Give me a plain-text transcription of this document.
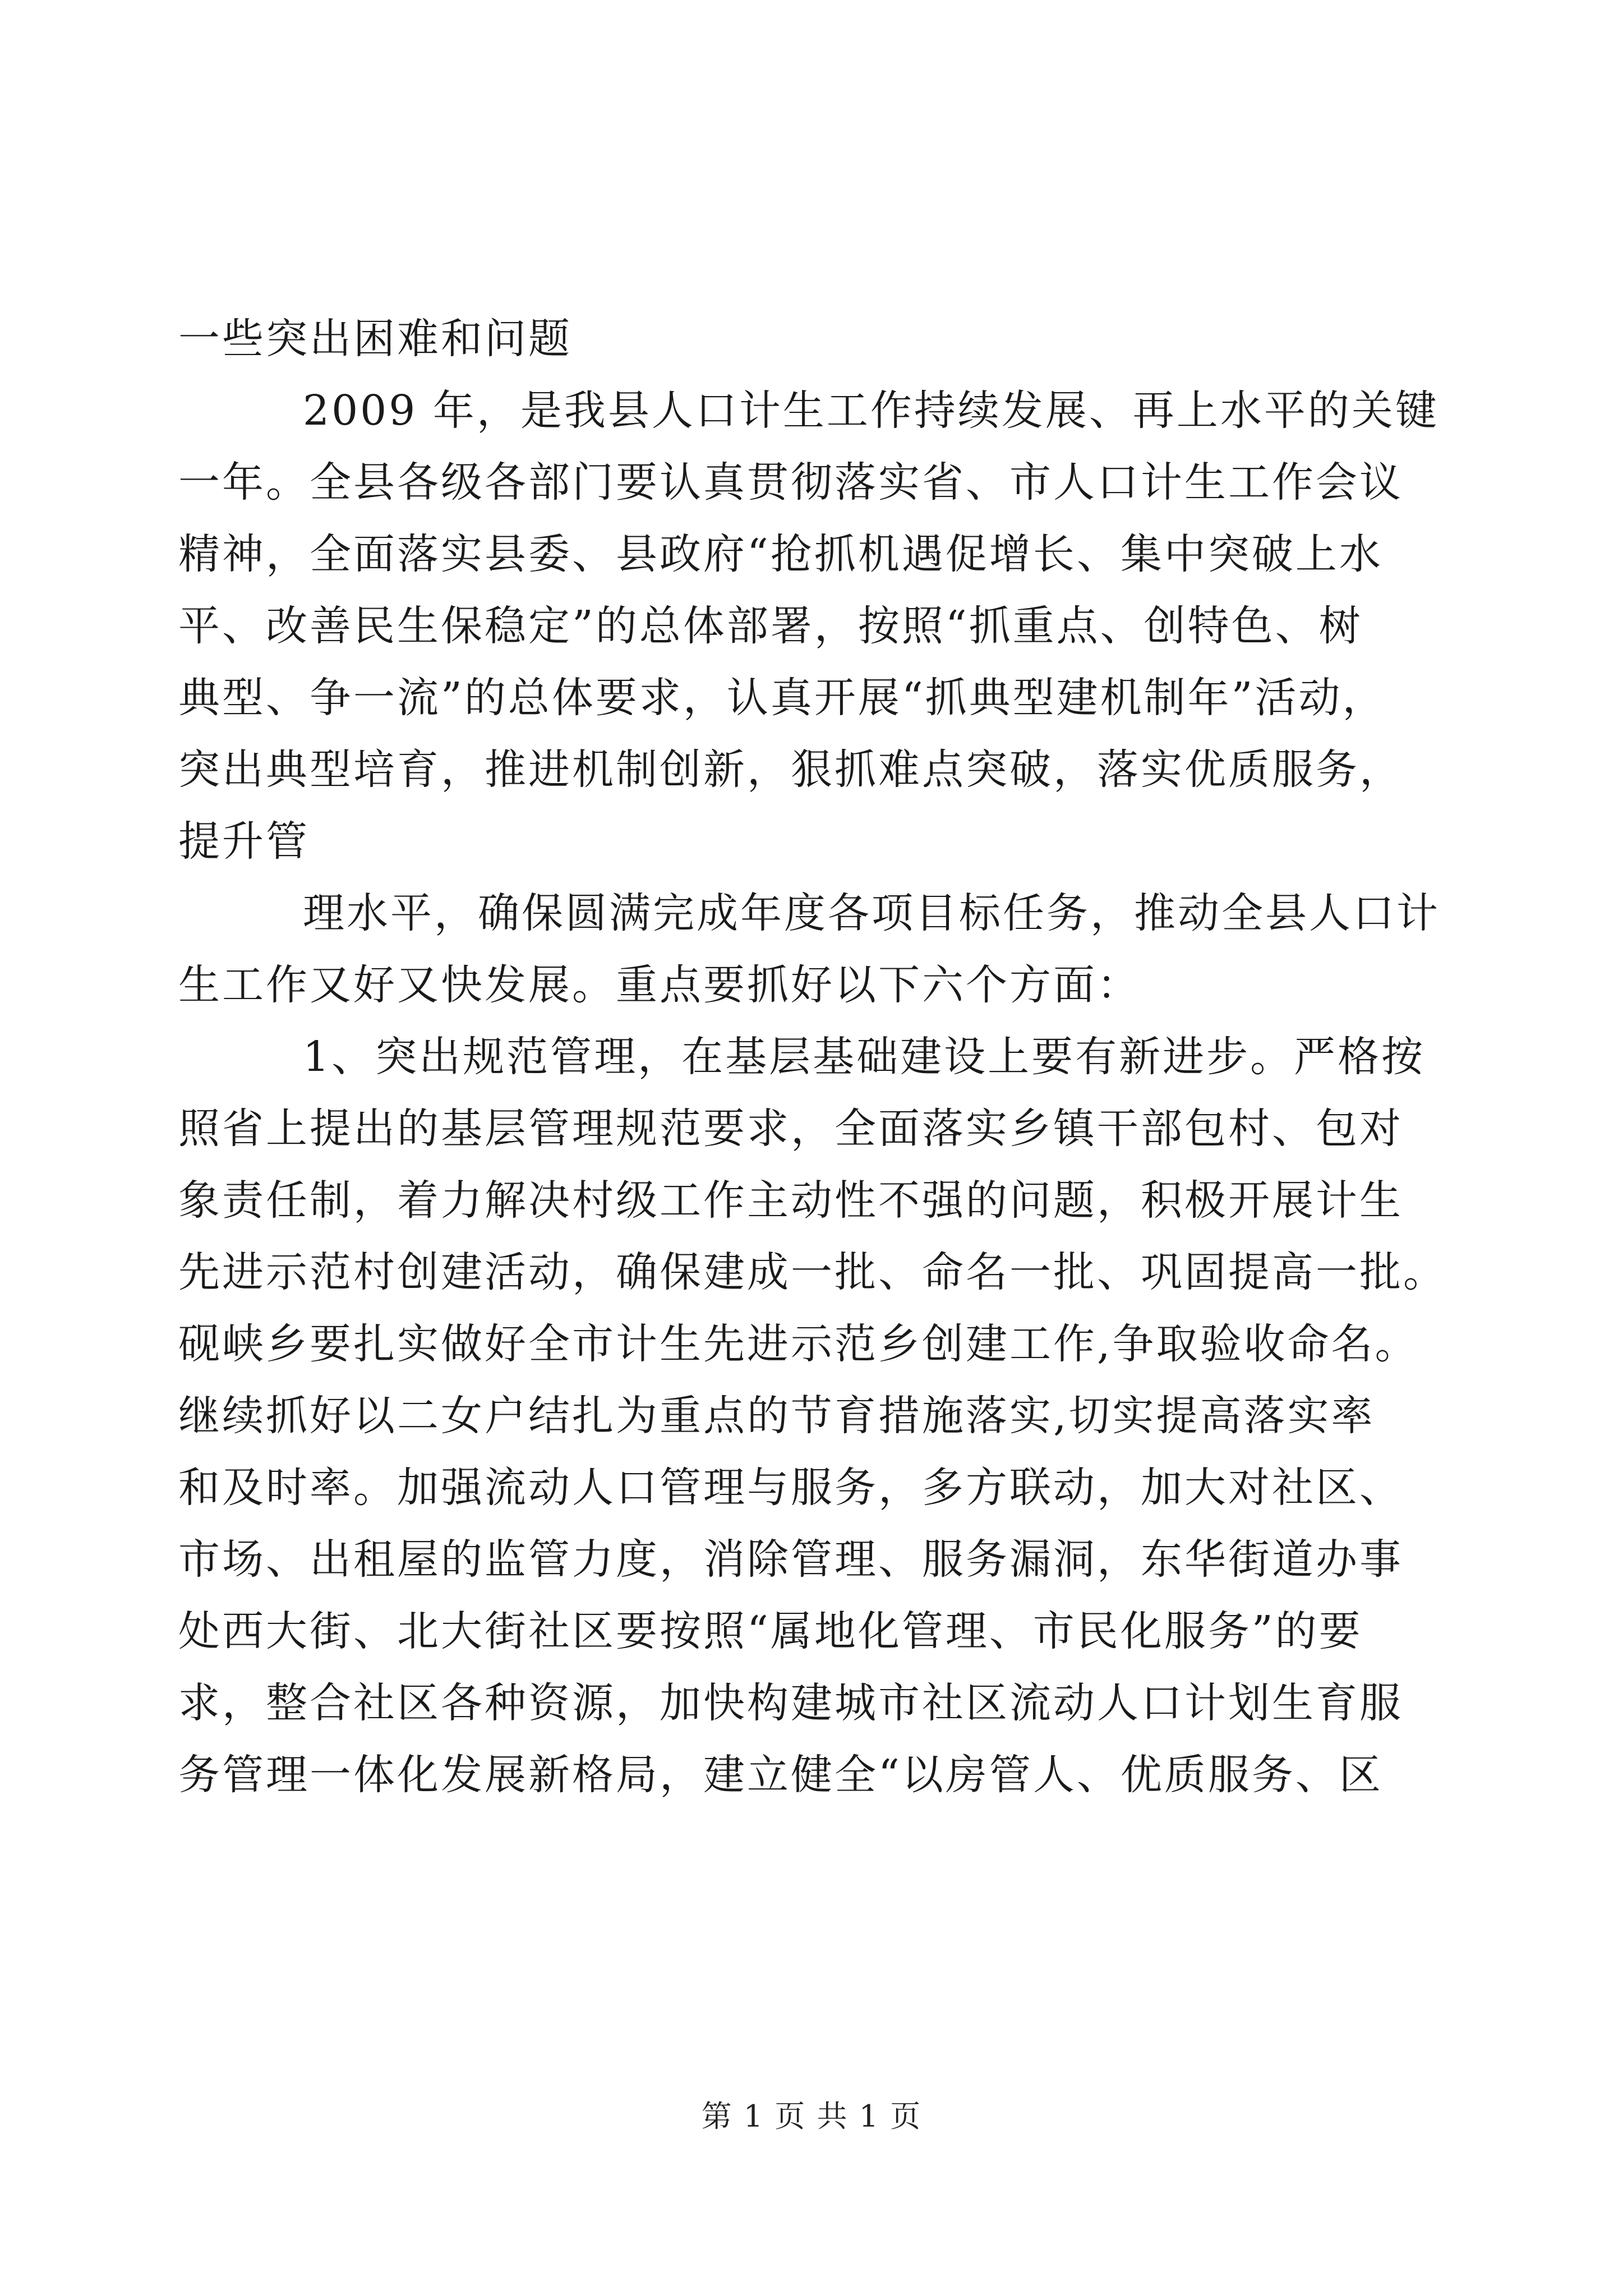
一些突出困难和问题
2009 年，是我县人口计生工作持续发展、再上水平的关键
一年。全县各级各部门要认真贯彻落实省、市人口计生工作会议
精神，全面落实县委、县政府“抢抓机遇促增长、集中突破上水
平、改善民生保稳定”的总体部署，按照“抓重点、创特色、树
典型、争一流”的总体要求，认真开展“抓典型建机制年”活动，
突出典型培育，推进机制创新，狠抓难点突破，落实优质服务，
提升管
理水平，确保圆满完成年度各项目标任务，推动全县人口计
生工作又好又快发展。重点要抓好以下六个方面：
1、突出规范管理，在基层基础建设上要有新进步。严格按
照省上提出的基层管理规范要求，全面落实乡镇干部包村、包对
象责任制，着力解决村级工作主动性不强的问题，积极开展计生
先进示范村创建活动，确保建成一批、命名一批、巩固提高一批。
砚峡乡要扎实做好全市计生先进示范乡创建工作,争取验收命名。
继续抓好以二女户结扎为重点的节育措施落实,切实提高落实率
和及时率。加强流动人口管理与服务，多方联动，加大对社区、
市场、出租屋的监管力度，消除管理、服务漏洞，东华街道办事
处西大街、北大街社区要按照“属地化管理、市民化服务”的要
求，整合社区各种资源，加快构建城市社区流动人口计划生育服
务管理一体化发展新格局，建立健全“以房管人、优质服务、区
第 1 页 共 1 页
